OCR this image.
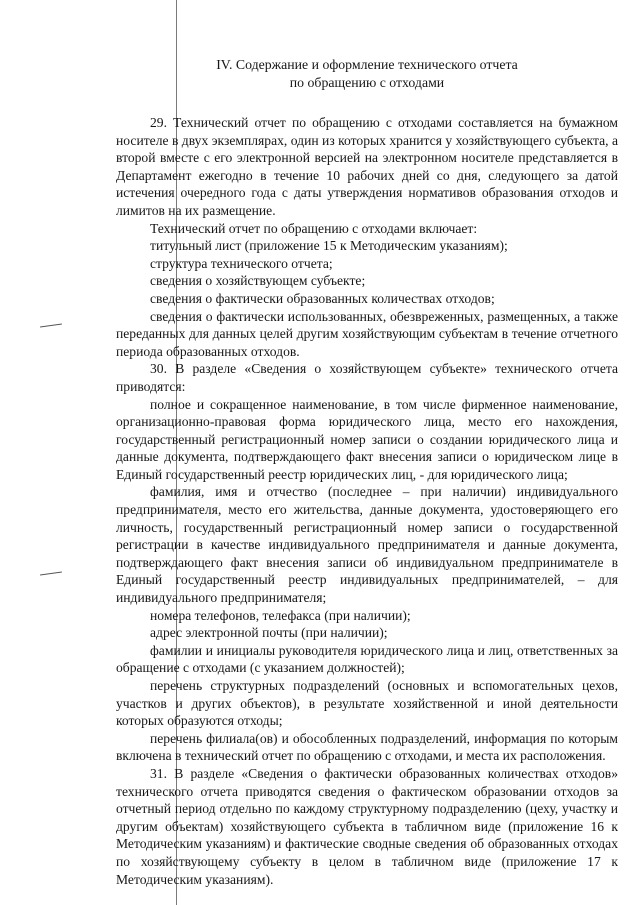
IV. Содержание и оформление технического отчета
по обращению с отходами

29. Технический отчет по обращению с отходами составляется на бумажном носителе в двух экземплярах, один из которых хранится у хозяйствующего субъекта, а второй вместе с его электронной версией на электронном носителе представляется в Департамент ежегодно в течение 10 рабочих дней со дня, следующего за датой истечения очередного года с даты утверждения нормативов образования отходов и лимитов на их размещение.

Технический отчет по обращению с отходами включает:

титульный лист (приложение 15 к Методическим указаниям);

структура технического отчета;

сведения о хозяйствующем субъекте;

сведения о фактически образованных количествах отходов;

сведения о фактически использованных, обезвреженных, размещенных, а также переданных для данных целей другим хозяйствующим субъектам в течение отчетного периода образованных отходов.

30. В разделе «Сведения о хозяйствующем субъекте» технического отчета приводятся:

полное и сокращенное наименование, в том числе фирменное наименование, организационно-правовая форма юридического лица, место его нахождения, государственный регистрационный номер записи о создании юридического лица и данные документа, подтверждающего факт внесения записи о юридическом лице в Единый государственный реестр юридических лиц, - для юридического лица;

фамилия, имя и отчество (последнее – при наличии) индивидуального предпринимателя, место его жительства, данные документа, удостоверяющего его личность, государственный регистрационный номер записи о государственной регистрации в качестве индивидуального предпринимателя и данные документа, подтверждающего факт внесения записи об индивидуальном предпринимателе в Единый государственный реестр индивидуальных предпринимателей, – для индивидуального предпринимателя;

номера телефонов, телефакса (при наличии);

адрес электронной почты (при наличии);

фамилии и инициалы руководителя юридического лица и лиц, ответственных за обращение с отходами (с указанием должностей);

перечень структурных подразделений (основных и вспомогательных цехов, участков и других объектов), в результате хозяйственной и иной деятельности которых образуются отходы;

перечень филиала(ов) и обособленных подразделений, информация по которым включена в технический отчет по обращению с отходами, и места их расположения.

31. В разделе «Сведения о фактически образованных количествах отходов» технического отчета приводятся сведения о фактическом образовании отходов за отчетный период отдельно по каждому структурному подразделению (цеху, участку и другим объектам) хозяйствующего субъекта в табличном виде (приложение 16 к Методическим указаниям) и фактические сводные сведения об образованных отходах по хозяйствующему субъекту в целом в табличном виде (приложение 17 к Методическим указаниям).
